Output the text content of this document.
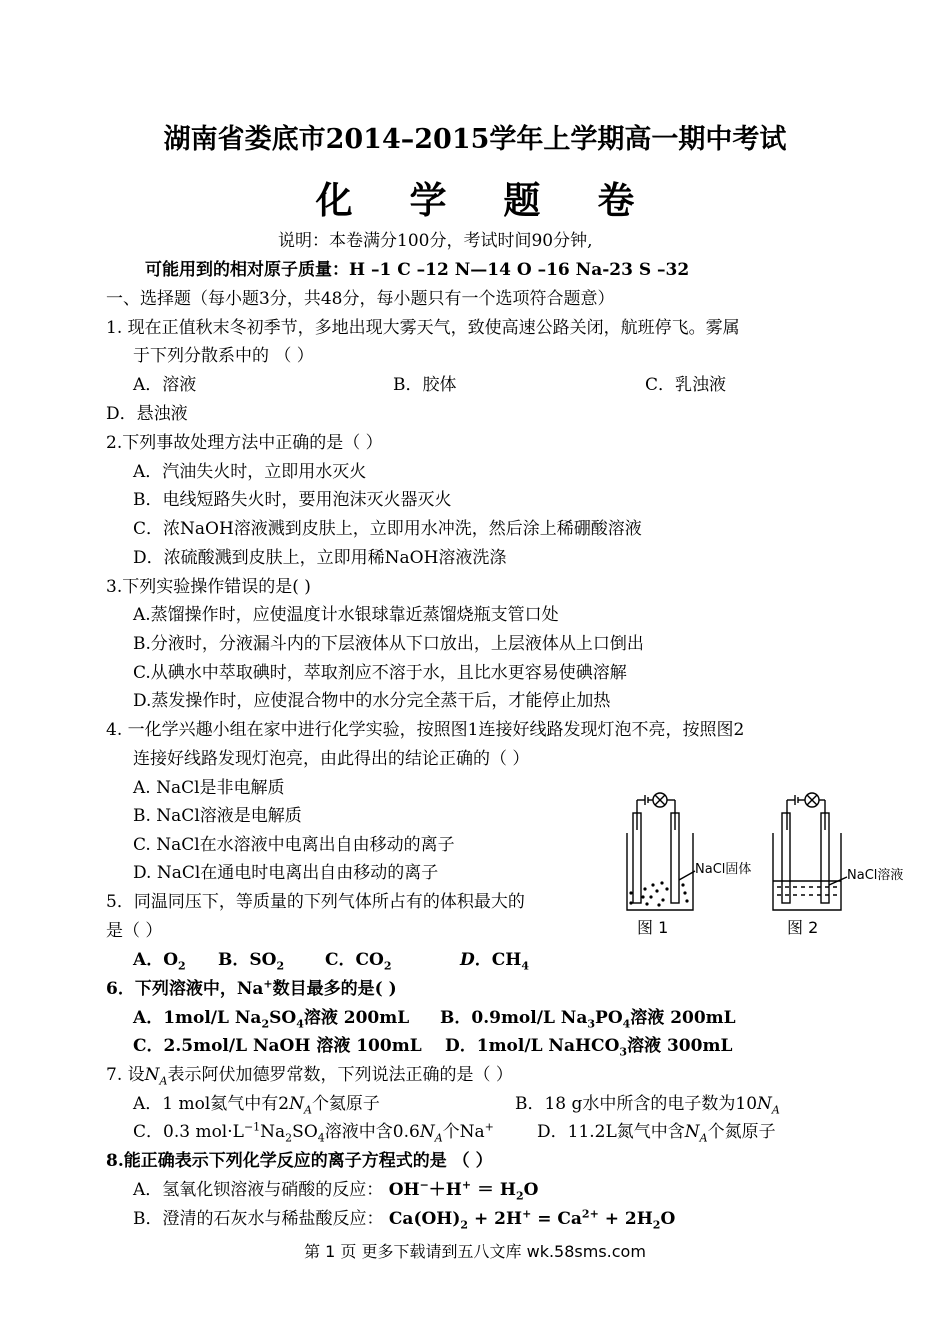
湖南省娄底市2014–2015学年上学期高一期中考试
化 学 题 卷
说明：本卷满分100分，考试时间90分钟,
可能用到的相对原子质量：H –1 C –12 N—14 O –16 Na-23 S –32
一、选择题（每小题3分，共48分，每小题只有一个选项符合题意）
1. 现在正值秋末冬初季节，多地出现大雾天气，致使高速公路关闭，航班停飞。雾属
于下列分散系中的 （ ）
A．溶液	B．胶体	C．乳浊液
D．悬浊液
2.下列事故处理方法中正确的是（ ）
A．汽油失火时，立即用水灭火
B．电线短路失火时，要用泡沫灭火器灭火
C．浓NaOH溶液溅到皮肤上，立即用水冲洗，然后涂上稀硼酸溶液
D．浓硫酸溅到皮肤上，立即用稀NaOH溶液洗涤
3.下列实验操作错误的是( )
A.蒸馏操作时，应使温度计水银球靠近蒸馏烧瓶支管口处
B.分液时，分液漏斗内的下层液体从下口放出，上层液体从上口倒出
C.从碘水中萃取碘时，萃取剂应不溶于水，且比水更容易使碘溶解
D.蒸发操作时，应使混合物中的水分完全蒸干后，才能停止加热
4. 一化学兴趣小组在家中进行化学实验，按照图1连接好线路发现灯泡不亮，按照图2
连接好线路发现灯泡亮，由此得出的结论正确的（ ）
A. NaCl是非电解质
B. NaCl溶液是电解质
C. NaCl在水溶液中电离出自由移动的离子
D. NaCl在通电时电离出自由移动的离子	NaCl固体	NaCl溶液
图 1	图 2
5．同温同压下，等质量的下列气体所占有的体积最大的
是（ ）
A．$O_2$ B．$SO_2$ C．$CO_2$	D．$CH_4$
6．下列溶液中，Na+数目最多的是( )
A．1mol/L $Na_2SO_4$溶液 200mL B．0.9mol/L $Na_3PO_4$溶液 200mL
C．2.5mol/L NaOH 溶液 100mL D．1mol/L NaHCO$_3$溶液 300mL
7. 设$N_A$表示阿伏加德罗常数，下列说法正确的是（ ）
A．1 mol氦气中有$2N_A$个氦原子	B．18 g水中所含的电子数为$10N_A$
C．0.3 $mol\cdot L^{-1}Na_2SO_4$溶液中含$0.6N_A$个Na+	D．11.2L氮气中含$N_A$个氮原子
8.能正确表示下列化学反应的离子方程式的是 （ ）
A．氢氧化钡溶液与硝酸的反应： $OH^-+H^+ = H_2O$
B．澄清的石灰水与稀盐酸反应： $Ca(OH)_2 + 2H^+ = Ca^{2+} + 2H_2O$
第 1 页 更多下载请到五八文库 wk.58sms.com
